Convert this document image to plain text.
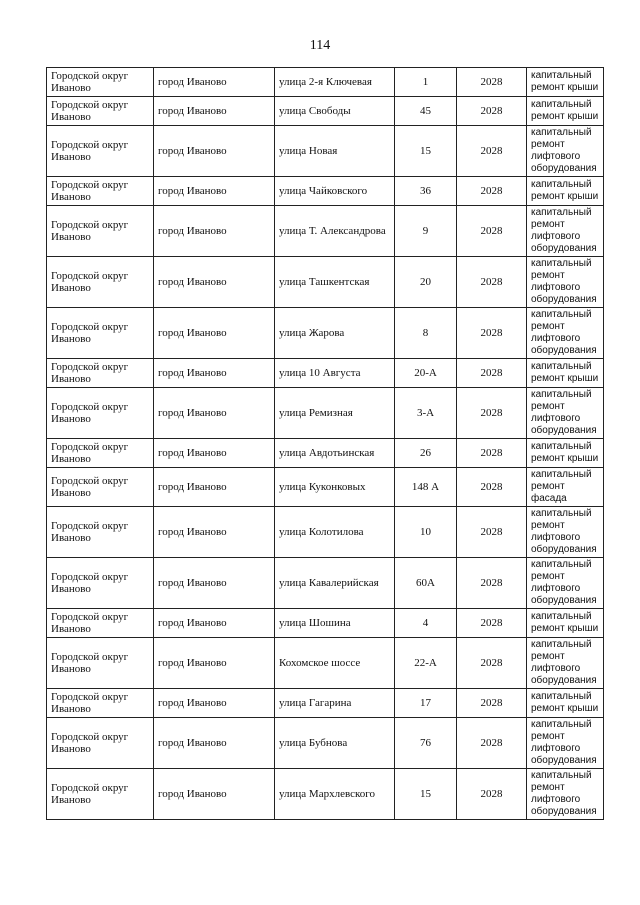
114
Городской округ Иваново	город Иваново	улица 2-я Ключевая	1	2028	капитальный ремонт крыши
Городской округ Иваново	город Иваново	улица Свободы	45	2028	капитальный ремонт крыши
Городской округ Иваново	город Иваново	улица Новая	15	2028	капитальный ремонт лифтового оборудования
Городской округ Иваново	город Иваново	улица Чайковского	36	2028	капитальный ремонт крыши
Городской округ Иваново	город Иваново	улица Т. Александрова	9	2028	капитальный ремонт лифтового оборудования
Городской округ Иваново	город Иваново	улица Ташкентская	20	2028	капитальный ремонт лифтового оборудования
Городской округ Иваново	город Иваново	улица Жарова	8	2028	капитальный ремонт лифтового оборудования
Городской округ Иваново	город Иваново	улица 10 Августа	20-А	2028	капитальный ремонт крыши
Городской округ Иваново	город Иваново	улица Ремизная	3-А	2028	капитальный ремонт лифтового оборудования
Городской округ Иваново	город Иваново	улица Авдотьинская	26	2028	капитальный ремонт крыши
Городской округ Иваново	город Иваново	улица Куконковых	148 А	2028	капитальный ремонт фасада
Городской округ Иваново	город Иваново	улица Колотилова	10	2028	капитальный ремонт лифтового оборудования
Городской округ Иваново	город Иваново	улица Кавалерийская	60А	2028	капитальный ремонт лифтового оборудования
Городской округ Иваново	город Иваново	улица Шошина	4	2028	капитальный ремонт крыши
Городской округ Иваново	город Иваново	Кохомское шоссе	22-А	2028	капитальный ремонт лифтового оборудования
Городской округ Иваново	город Иваново	улица Гагарина	17	2028	капитальный ремонт крыши
Городской округ Иваново	город Иваново	улица Бубнова	76	2028	капитальный ремонт лифтового оборудования
Городской округ Иваново	город Иваново	улица Мархлевского	15	2028	капитальный ремонт лифтового оборудования
